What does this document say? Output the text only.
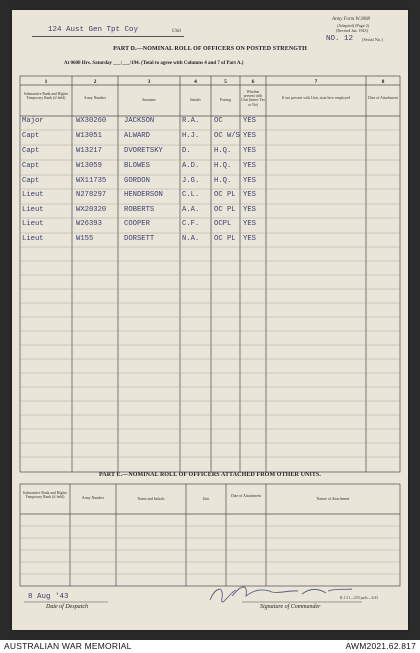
124 Aust Gen Tpt Coy	Unit
Army Form W.3008
(Adapted) (Page 2)
(Revised Jan. 1943)
NO. 12 (Serial No.)
PART D.—NOMINAL ROLL OF OFFICERS ON POSTED STRENGTH
At 0600 Hrs. Saturday ___/___/194. (Total to agree with Columns 4 and 7 of Part A.)
1	2	3	4	5	6	7	8
Substantive Rank and Higher Temporary Rank (if held)	Army Number	Surname	Initials	Posting
Whether present with Unit (insert Yes or No)
If not present with Unit, state how employed	Date of Attachment
Major	WX30260 JACKSON	R.A. OC	YES
Capt	W13051	ALWARD	H.J. OC W/S YES
Capt	W13217	DVORETSKY	D.	H.Q. YES
Capt	W13059	BLOWES	A.D. H.Q. YES
Capt	WX11735 GORDON	J.G. H.Q. YES
Lieut	N278297 HENDERSON	C.L. OC PL YES
Lieut	WX20320 ROBERTS	A.A. OC PL YES
Lieut	W26393	COOPER	C.F. OCPL YES
Lieut	W155	DORSETT	N.A. OC PL YES
PART E.—NOMINAL ROLL OF OFFICERS ATTACHED FROM OTHER UNITS.
Substantive Rank and Higher Temporary Rank (if held)	Army Number	Name and Initials	Unit
Date of Attachment
Nature of Attachment
8 Aug '43
Date of Despatch	Signature of Commander
R.1.51—250 pads—4/43
AUSTRALIAN WAR MEMORIAL	AWM2021.62.817
